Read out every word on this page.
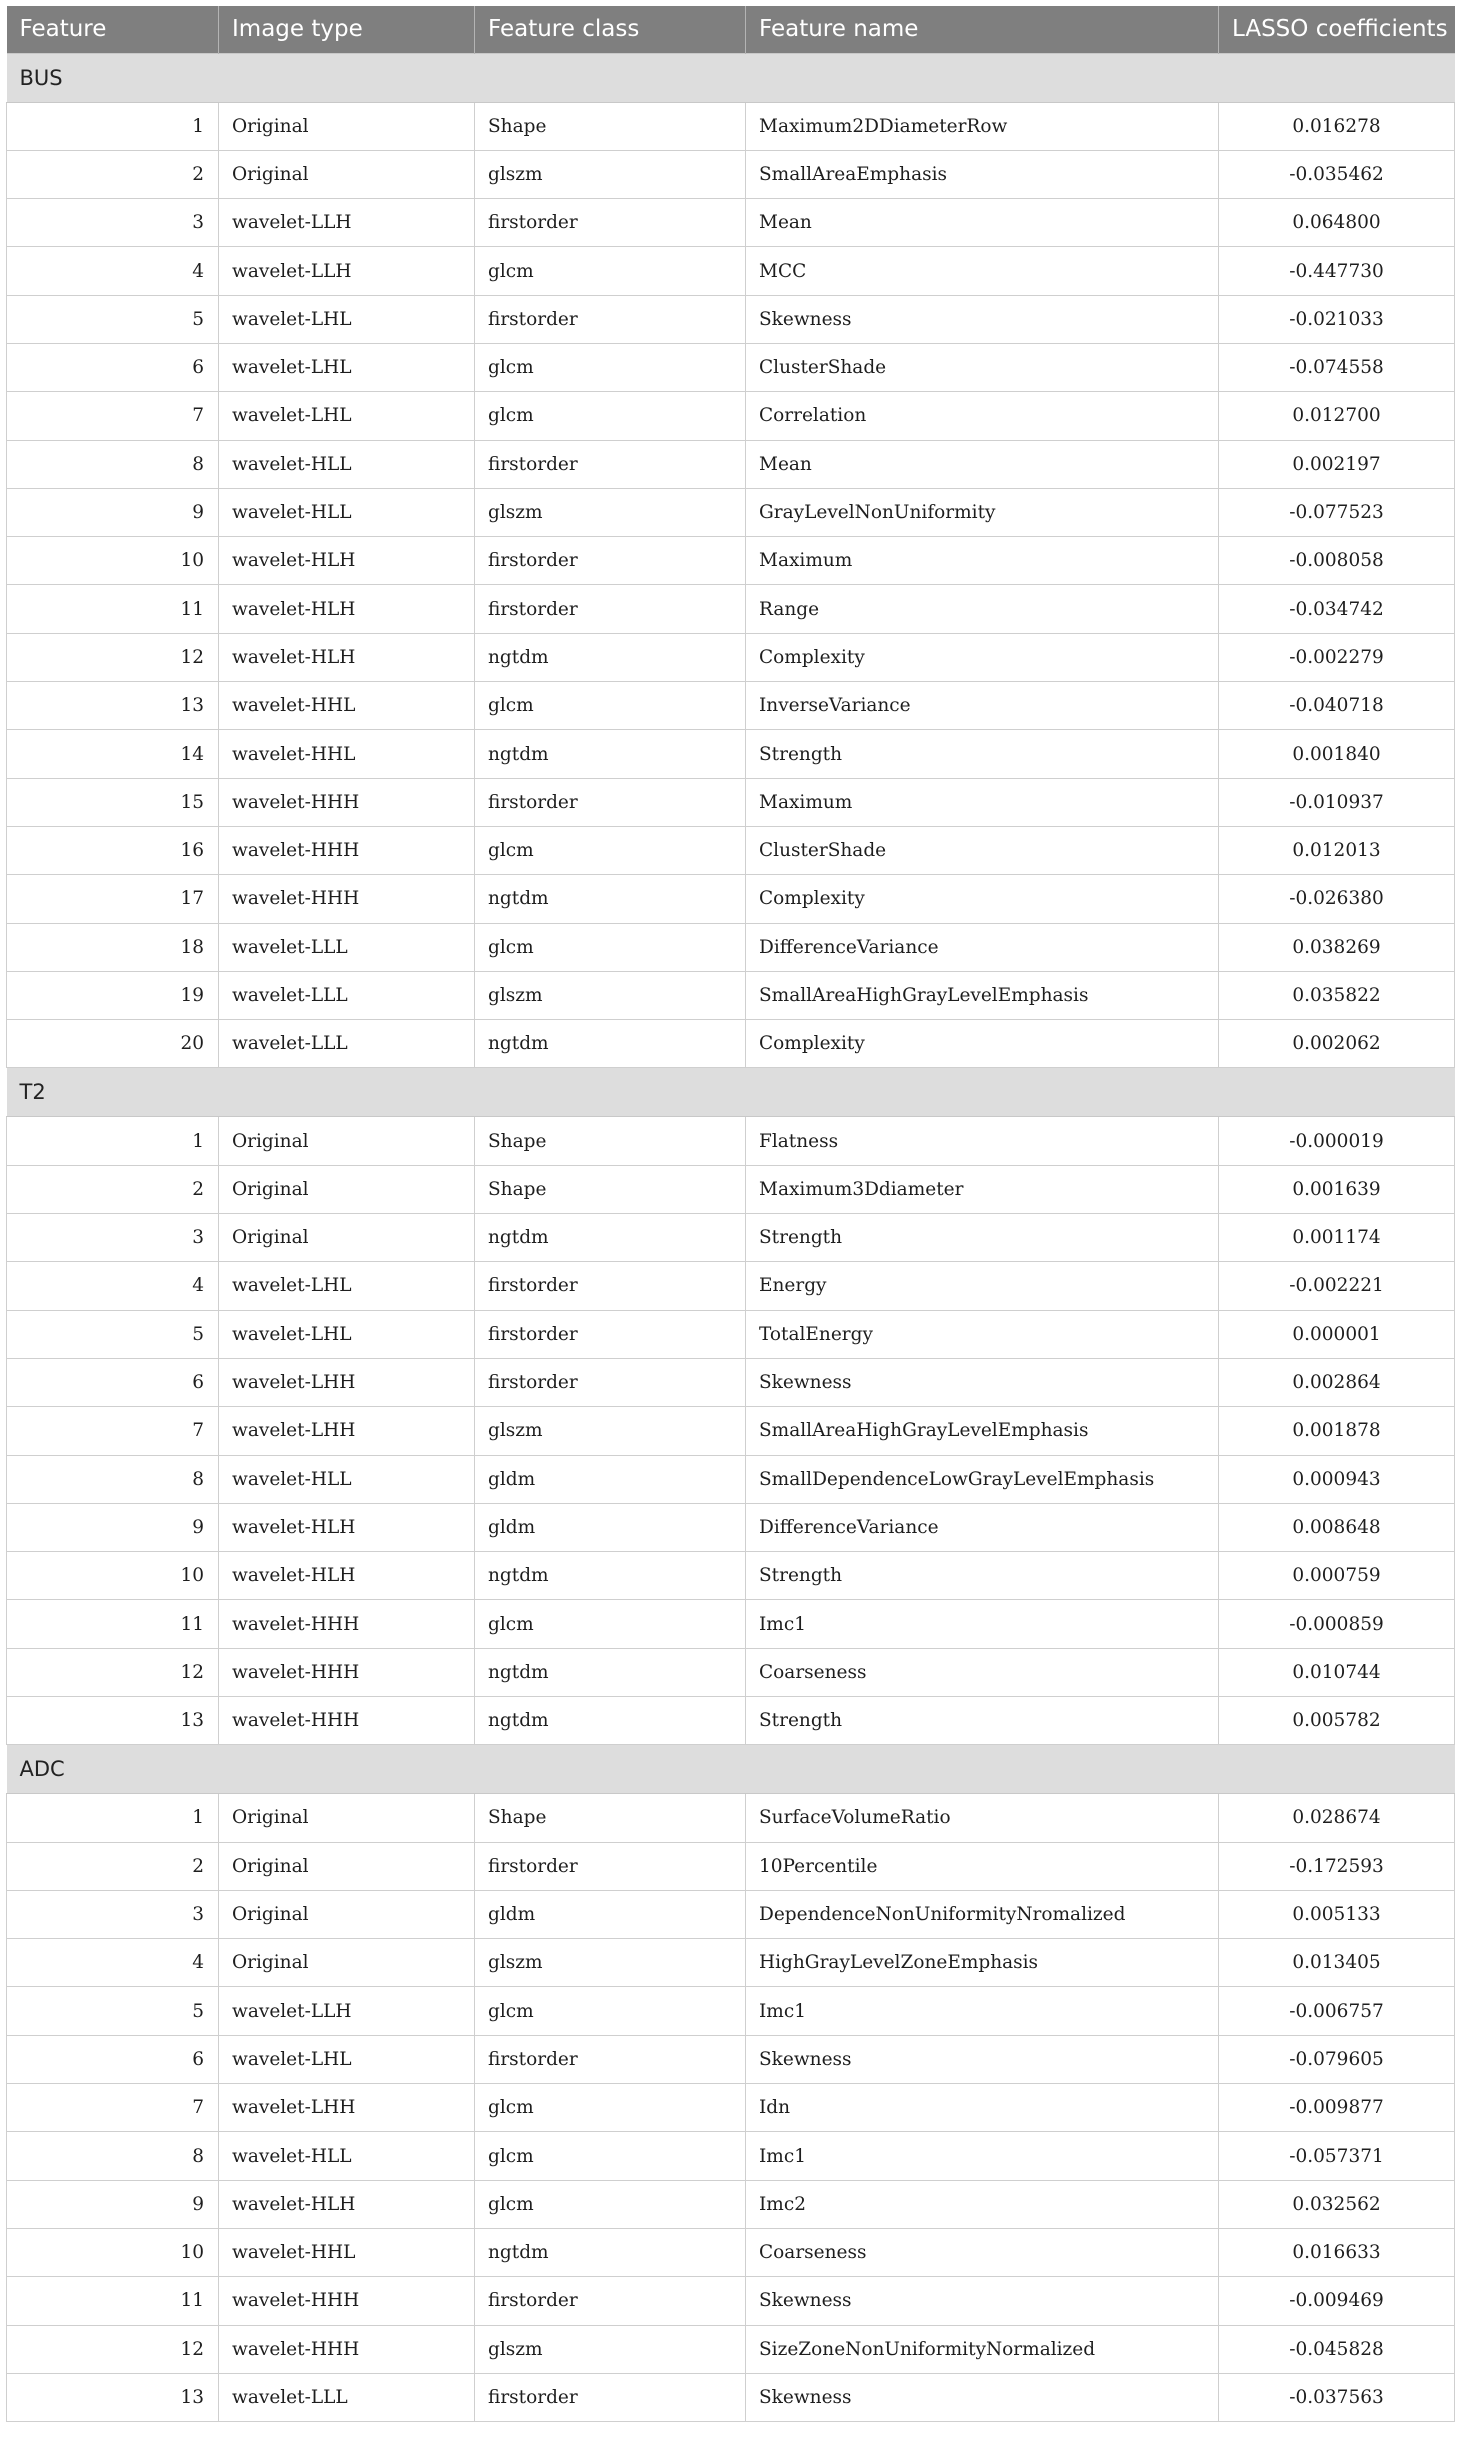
Feature	Image type	Feature class	Feature name	LASSO coefficients
BUS				
1	Original	Shape	Maximum2DDiameterRow	0.016278
2	Original	glszm	SmallAreaEmphasis	-0.035462
3	wavelet-LLH	firstorder	Mean	0.064800
4	wavelet-LLH	glcm	MCC	-0.447730
5	wavelet-LHL	firstorder	Skewness	-0.021033
6	wavelet-LHL	glcm	ClusterShade	-0.074558
7	wavelet-LHL	glcm	Correlation	0.012700
8	wavelet-HLL	firstorder	Mean	0.002197
9	wavelet-HLL	glszm	GrayLevelNonUniformity	-0.077523
10	wavelet-HLH	firstorder	Maximum	-0.008058
11	wavelet-HLH	firstorder	Range	-0.034742
12	wavelet-HLH	ngtdm	Complexity	-0.002279
13	wavelet-HHL	glcm	InverseVariance	-0.040718
14	wavelet-HHL	ngtdm	Strength	0.001840
15	wavelet-HHH	firstorder	Maximum	-0.010937
16	wavelet-HHH	glcm	ClusterShade	0.012013
17	wavelet-HHH	ngtdm	Complexity	-0.026380
18	wavelet-LLL	glcm	DifferenceVariance	0.038269
19	wavelet-LLL	glszm	SmallAreaHighGrayLevelEmphasis	0.035822
20	wavelet-LLL	ngtdm	Complexity	0.002062
T2				
1	Original	Shape	Flatness	-0.000019
2	Original	Shape	Maximum3Ddiameter	0.001639
3	Original	ngtdm	Strength	0.001174
4	wavelet-LHL	firstorder	Energy	-0.002221
5	wavelet-LHL	firstorder	TotalEnergy	0.000001
6	wavelet-LHH	firstorder	Skewness	0.002864
7	wavelet-LHH	glszm	SmallAreaHighGrayLevelEmphasis	0.001878
8	wavelet-HLL	gldm	SmallDependenceLowGrayLevelEmphasis	0.000943
9	wavelet-HLH	gldm	DifferenceVariance	0.008648
10	wavelet-HLH	ngtdm	Strength	0.000759
11	wavelet-HHH	glcm	Imc1	-0.000859
12	wavelet-HHH	ngtdm	Coarseness	0.010744
13	wavelet-HHH	ngtdm	Strength	0.005782
ADC				
1	Original	Shape	SurfaceVolumeRatio	0.028674
2	Original	firstorder	10Percentile	-0.172593
3	Original	gldm	DependenceNonUniformityNromalized	0.005133
4	Original	glszm	HighGrayLevelZoneEmphasis	0.013405
5	wavelet-LLH	glcm	Imc1	-0.006757
6	wavelet-LHL	firstorder	Skewness	-0.079605
7	wavelet-LHH	glcm	Idn	-0.009877
8	wavelet-HLL	glcm	Imc1	-0.057371
9	wavelet-HLH	glcm	Imc2	0.032562
10	wavelet-HHL	ngtdm	Coarseness	0.016633
11	wavelet-HHH	firstorder	Skewness	-0.009469
12	wavelet-HHH	glszm	SizeZoneNonUniformityNormalized	-0.045828
13	wavelet-LLL	firstorder	Skewness	-0.037563
